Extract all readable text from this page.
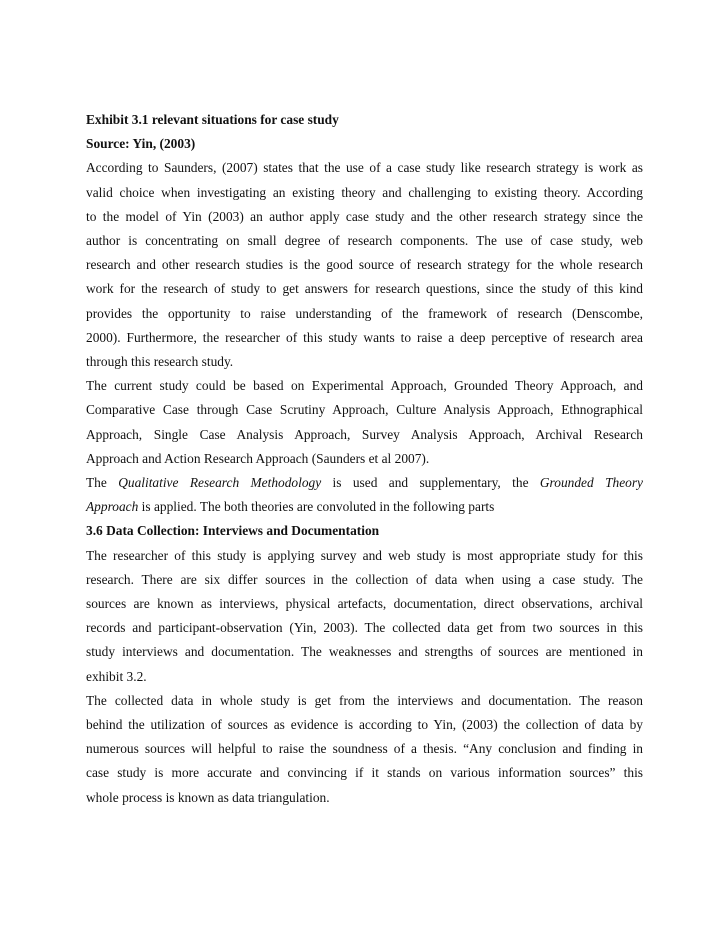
Exhibit 3.1 relevant situations for case study
Source: Yin, (2003)
According to Saunders, (2007) states that the use of a case study like research strategy is work as
valid choice when investigating an existing theory and challenging to existing theory. According
to the model of Yin (2003) an author apply case study and the other research strategy since the
author is concentrating on small degree of research components. The use of case study, web
research and other research studies is the good source of research strategy for the whole research
work for the research of study to get answers for research questions, since the study of this kind
provides the opportunity to raise understanding of the framework of research (Denscombe,
2000). Furthermore, the researcher of this study wants to raise a deep perceptive of research area
through this research study.
The current study could be based on Experimental Approach, Grounded Theory Approach, and
Comparative Case through Case Scrutiny Approach, Culture Analysis Approach, Ethnographical
Approach, Single Case Analysis Approach, Survey Analysis Approach, Archival Research
Approach and Action Research Approach (Saunders et al 2007).
The Qualitative Research Methodology is used and supplementary, the Grounded Theory
Approach is applied. The both theories are convoluted in the following parts
3.6 Data Collection: Interviews and Documentation
The researcher of this study is applying survey and web study is most appropriate study for this
research. There are six differ sources in the collection of data when using a case study. The
sources are known as interviews, physical artefacts, documentation, direct observations, archival
records and participant-observation (Yin, 2003). The collected data get from two sources in this
study interviews and documentation. The weaknesses and strengths of sources are mentioned in
exhibit 3.2.
The collected data in whole study is get from the interviews and documentation. The reason
behind the utilization of sources as evidence is according to Yin, (2003) the collection of data by
numerous sources will helpful to raise the soundness of a thesis. “Any conclusion and finding in
case study is more accurate and convincing if it stands on various information sources” this
whole process is known as data triangulation.
